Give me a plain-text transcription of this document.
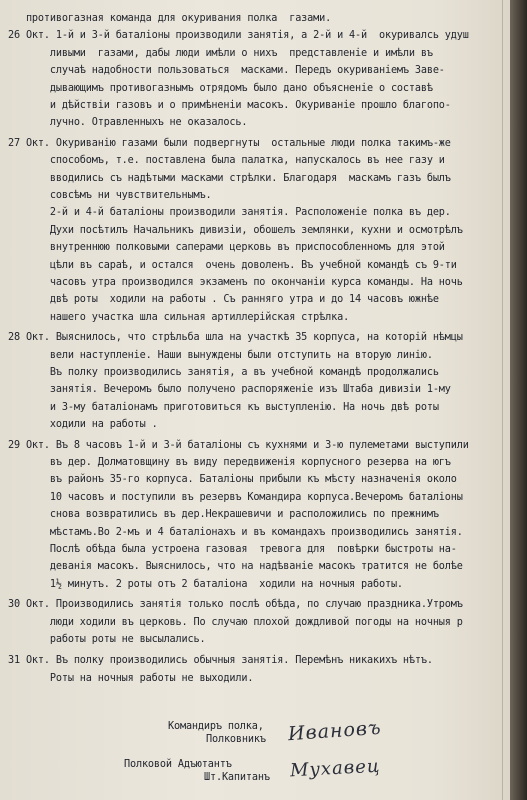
противогазная команда для окуривания полка  газами.
26 Окт. 1-й и 3-й баталіоны производили занятія, а 2-й и 4-й  окуривалсь удуш
ливыми  газами, дабы люди имѣли о нихъ  представленіе и имѣли въ
случаѣ надобности пользоваться  масками. Передъ окуриваніемъ Заве-
дывающимъ противогазнымъ отрядомъ было дано объясненіе о составѣ
и дѣйствіи газовъ и о примѣненіи масокъ. Окуриваніе прошло благопо-
лучно. Отравленныхъ не оказалось.
27 Окт. Окуриванію газами были подвергнуты  остальные люди полка такимъ-же
способомъ, т.е. поставлена была палатка, напускалось въ нее газу и
вводились съ надѣтыми масками стрѣлки. Благодаря  маскамъ газъ былъ
совсѣмъ ни чувствительнымъ.
2-й и 4-й баталіоны производили занятія. Расположеніе полка въ дер.
Духи посѣтилъ Начальникъ дивизіи, обошелъ землянки, кухни и осмотрѣлъ
внутреннюю полковыми саперами церковь въ приспособленномъ для этой
цѣли въ сараѣ, и остался  очень доволенъ. Въ учебной командѣ съ 9-ти
часовъ утра производился экзаменъ по окончаніи курса команды. На ночь
двѣ роты  ходили на работы . Съ ранняго утра и до 14 часовъ южнѣе
нашего участка шла сильная артиллерійская стрѣлка.
28 Окт. Выяснилось, что стрѣльба шла на участкѣ 35 корпуса, на которій нѣмцы
вели наступленіе. Наши вынуждены были отступить на вторую линію.
Въ полку производились занятія, а въ учебной командѣ продолжались
занятія. Вечеромъ было получено распоряженіе изъ Штаба дивизіи 1-му
и 3-му баталіонамъ приготовиться къ выступленію. На ночь двѣ роты
ходили на работы .
29 Окт. Въ 8 часовъ 1-й и 3-й баталіоны съ кухнями и 3-ю пулеметами выступили
въ дер. Долматовщину въ виду передвиженія корпусного резерва на югъ
въ районъ 35-го корпуса. Баталіоны прибыли къ мѣсту назначенія около
10 часовъ и поступили въ резервъ Командира корпуса.Вечеромъ баталіоны
снова возвратились въ дер.Некрашевичи и расположились по прежнимъ
мѣстамъ.Во 2-мъ и 4 баталіонахъ и въ командахъ производились занятія.
Послѣ обѣда была устроена газовая  тревога для  повѣрки быстроты на-
деванія масокъ. Выяснилось, что на надѣваніе масокъ тратится не болѣе
1½ минутъ. 2 роты отъ 2 баталіона  ходили на ночныя работы.
30 Окт. Производились занятія только послѣ обѣда, по случаю праздника.Утромъ
люди ходили въ церковь. По случаю плохой дождливой погоды на ночныя р
работы роты не высылались.
31 Окт. Въ полку производились обычныя занятія. Перемѣнъ никакихъ нѣтъ.
Роты на ночныя работы не выходили.
Командиръ полка,
Полковникъ	Ивановъ
Полковой Адъютантъ
Шт.Капитанъ	Мухавец
